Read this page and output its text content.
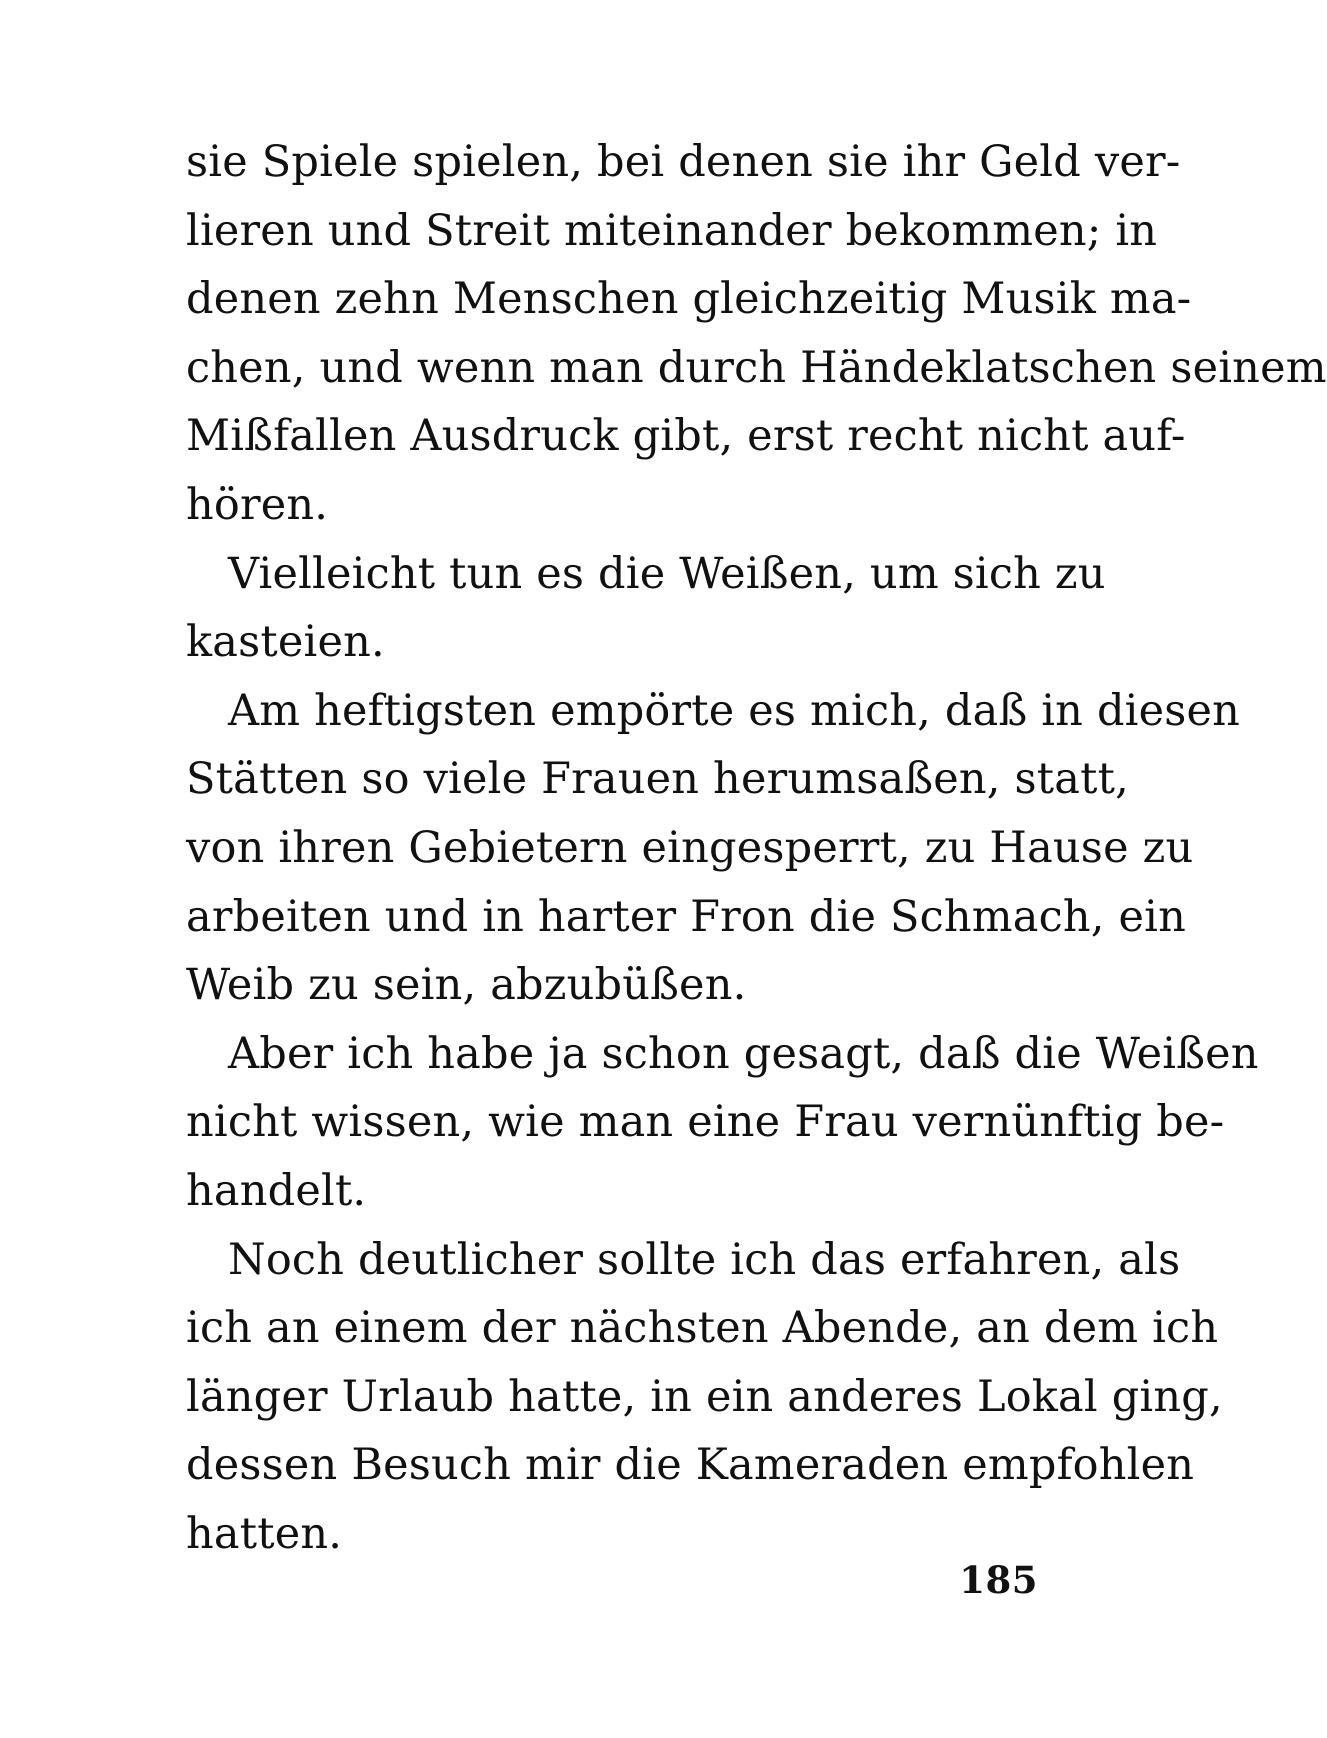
sie Spiele spielen, bei denen sie ihr Geld ver-
lieren und Streit miteinander bekommen; in
denen zehn Menschen gleichzeitig Musik ma-
chen, und wenn man durch Händeklatschen seinem
Mißfallen Ausdruck gibt, erst recht nicht auf-
hören.
Vielleicht tun es die Weißen, um sich zu
kasteien.
Am heftigsten empörte es mich, daß in diesen
Stätten so viele Frauen herumsaßen, statt,
von ihren Gebietern eingesperrt, zu Hause zu
arbeiten und in harter Fron die Schmach, ein
Weib zu sein, abzubüßen.
Aber ich habe ja schon gesagt, daß die Weißen
nicht wissen, wie man eine Frau vernünftig be-
handelt.
Noch deutlicher sollte ich das erfahren, als
ich an einem der nächsten Abende, an dem ich
länger Urlaub hatte, in ein anderes Lokal ging,
dessen Besuch mir die Kameraden empfohlen
hatten.
185
